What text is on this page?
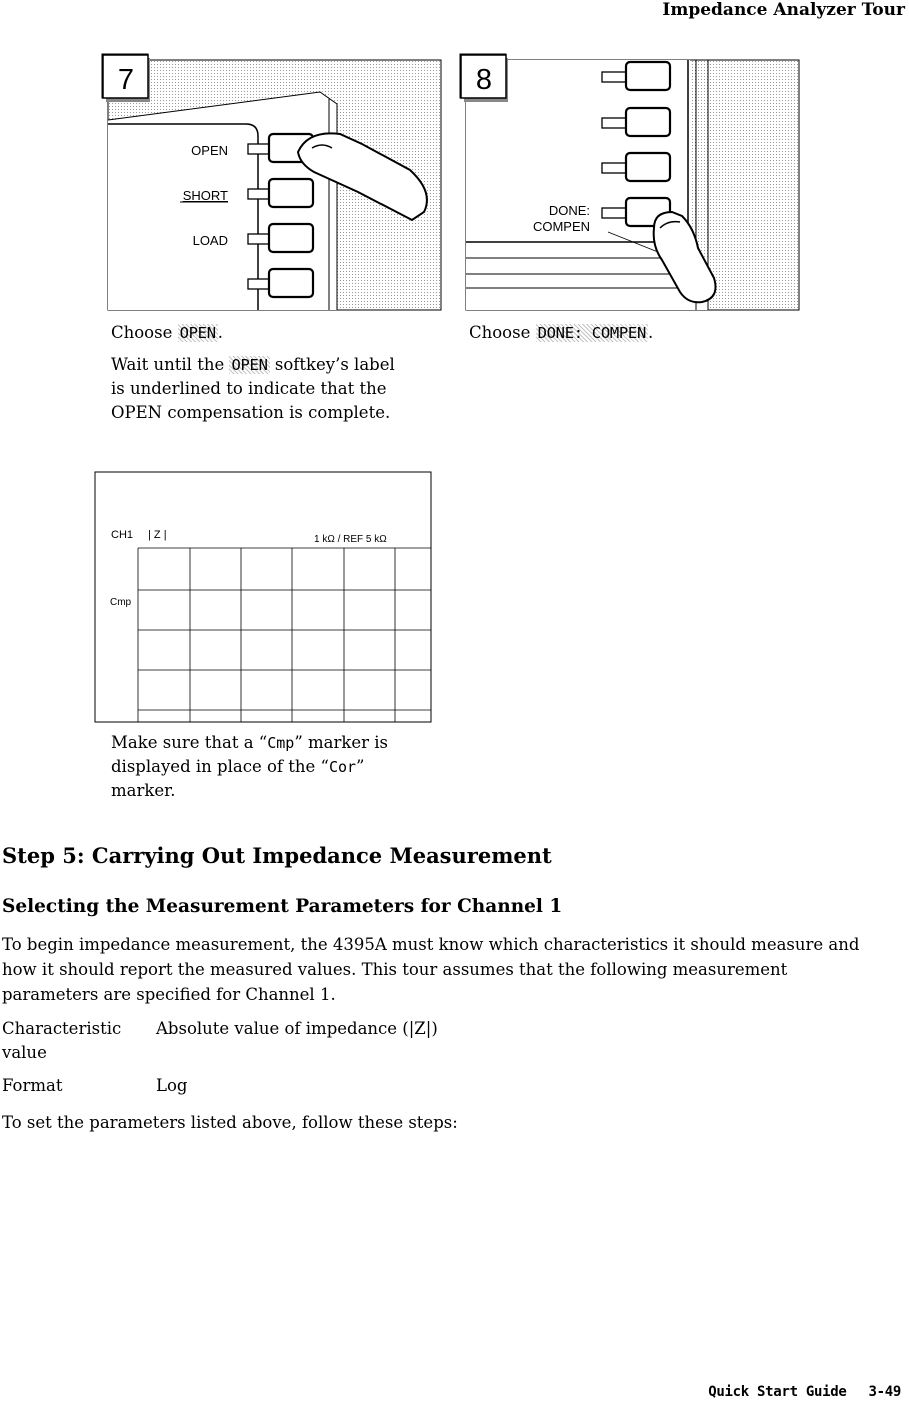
Impedance Analyzer Tour
OPEN
SHORT
LOAD
7
Choose OPEN .
Wait until the OPEN softkey’s label
is underlined to indicate that the
OPEN compensation is complete.
DONE:
COMPEN
8
Choose DONE: COMPEN .
CH1 | Z |	1 kΩ / REF 5 kΩ
Cmp
Make sure that a “Cmp” marker is
displayed in place of the “Cor”
marker.
Step 5: Carrying Out Impedance Measurement
Selecting the Measurement Parameters for Channel 1
To begin impedance measurement, the 4395A must know which characteristics it should measure and how it should report the measured values. This tour assumes that the following measurement parameters are specified for Channel 1.
Characteristic value
Absolute value of impedance (|Z|)
Format	Log
To set the parameters listed above, follow these steps:
Quick Start Guide 3-49
